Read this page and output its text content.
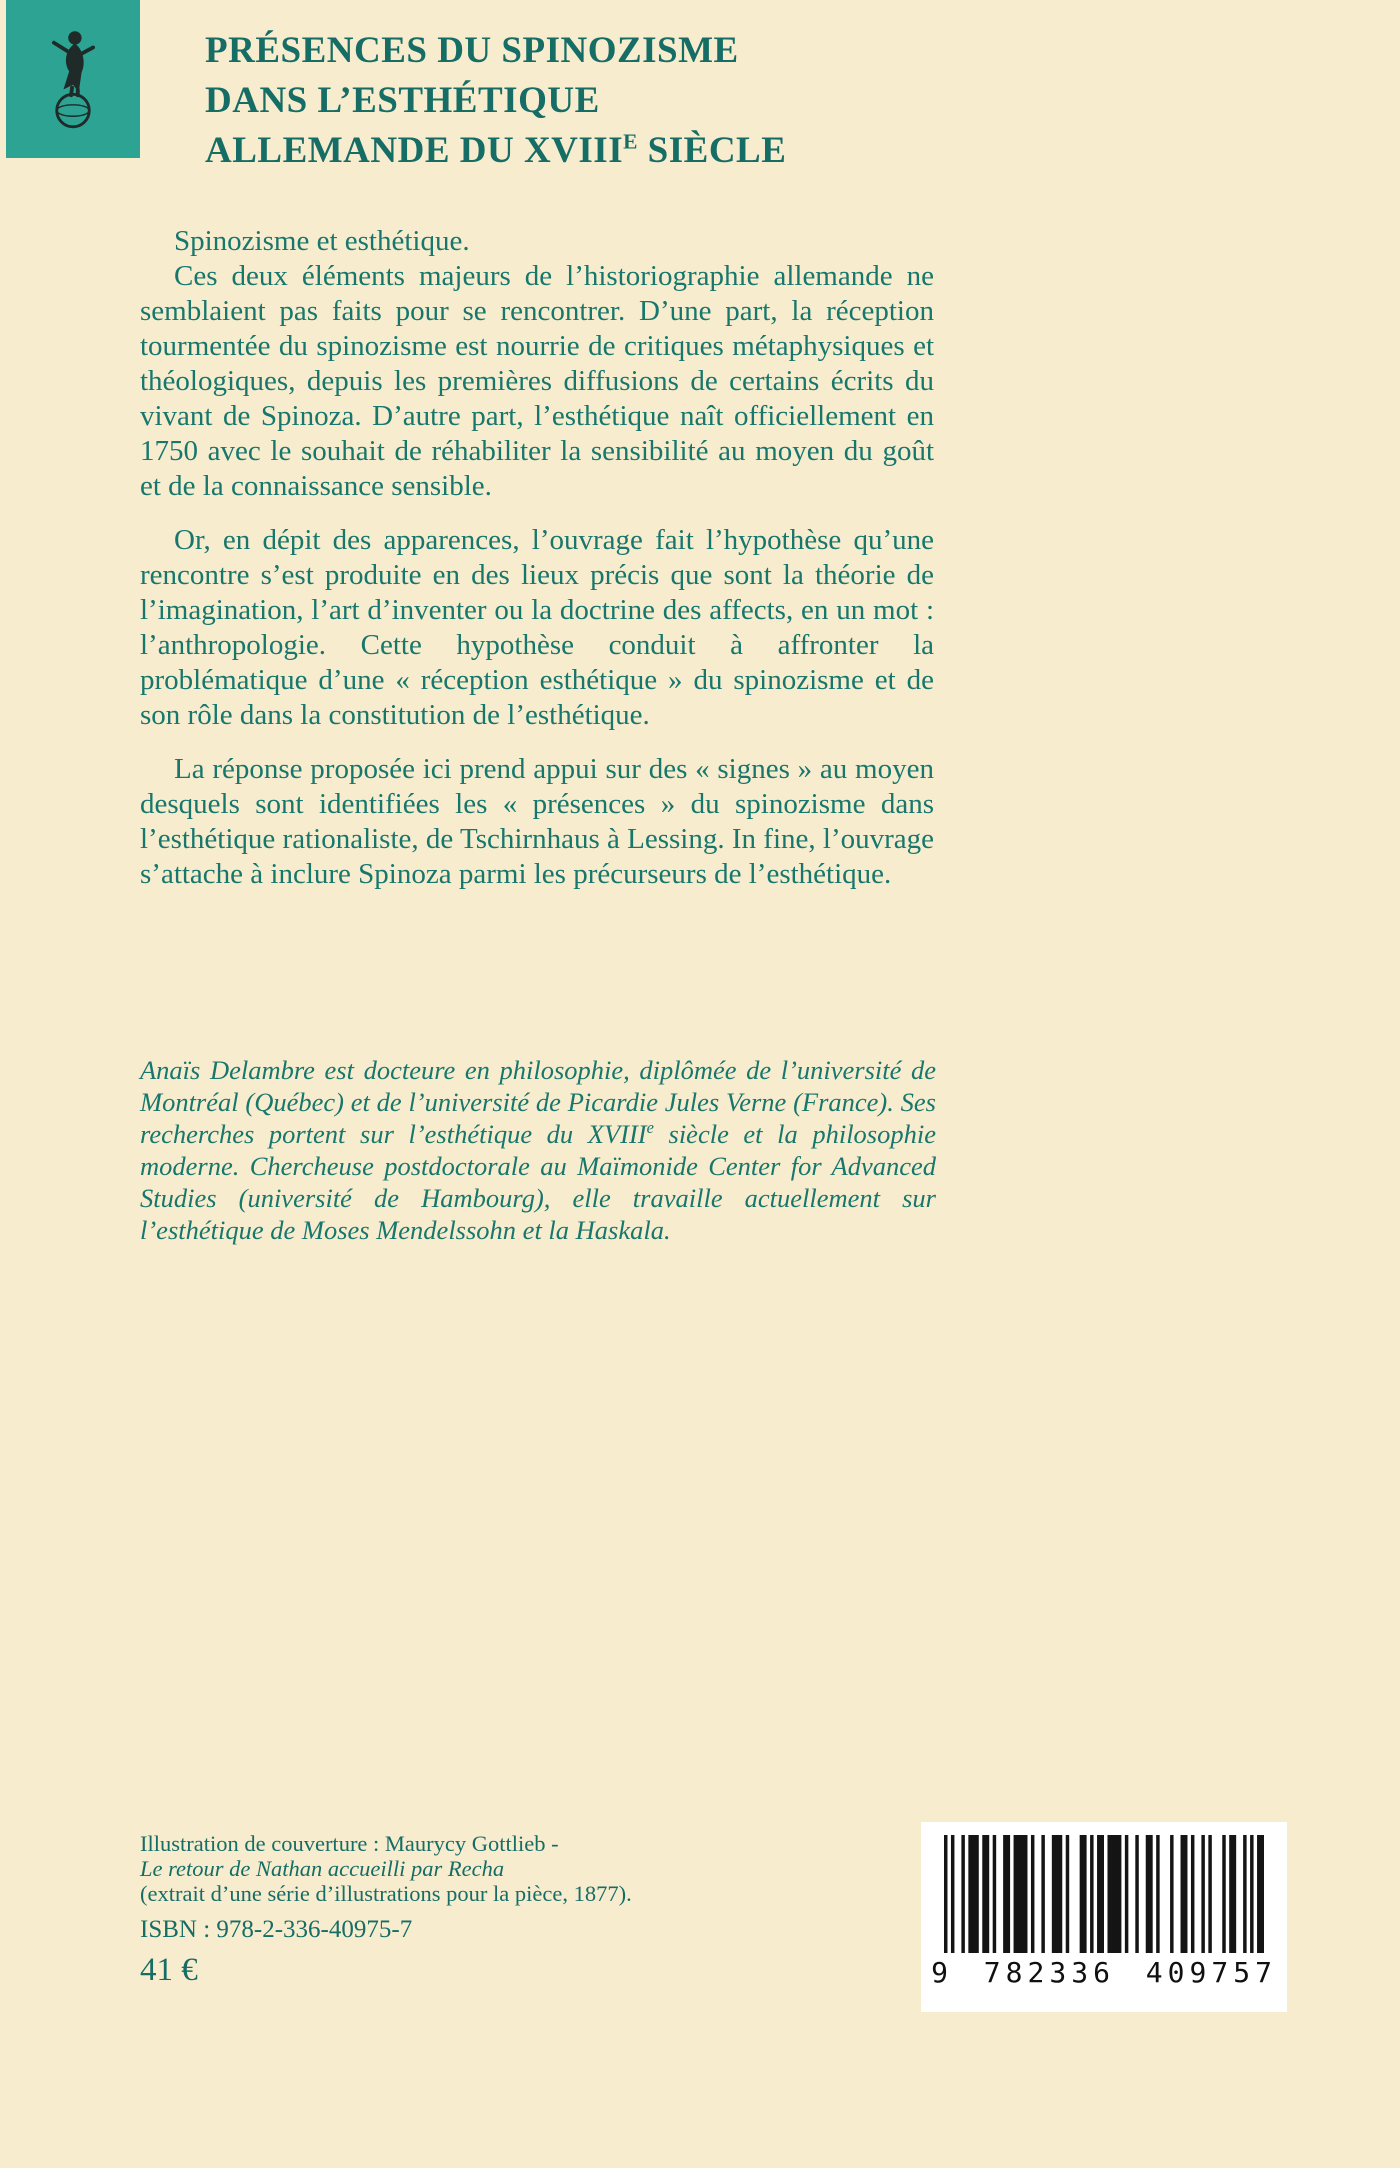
PRÉSENCES DU SPINOZISME
DANS L’ESTHÉTIQUE
ALLEMANDE DU $XVIII^E$ SIÈCLE

Spinozisme et esthétique.

Ces deux éléments majeurs de l’historiographie allemande ne semblaient pas faits pour se rencontrer. D’une part, la réception tourmentée du spinozisme est nourrie de critiques métaphysiques et théologiques, depuis les premières diffusions de certains écrits du vivant de Spinoza. D’autre part, l’esthétique naît officiellement en 1750 avec le souhait de réhabiliter la sensibilité au moyen du goût et de la connaissance sensible.

Or, en dépit des apparences, l’ouvrage fait l’hypothèse qu’une rencontre s’est produite en des lieux précis que sont la théorie de l’imagination, l’art d’inventer ou la doctrine des affects, en un mot : l’anthropologie. Cette hypothèse conduit à affronter la problématique d’une « réception esthétique » du spinozisme et de son rôle dans la constitution de l’esthétique.

La réponse proposée ici prend appui sur des « signes » au moyen desquels sont identifiées les « présences » du spinozisme dans l’esthétique rationaliste, de Tschirnhaus à Lessing. In fine, l’ouvrage s’attache à inclure Spinoza parmi les précurseurs de l’esthétique.

Anaïs Delambre est docteure en philosophie, diplômée de l’université de Montréal (Québec) et de l’université de Picardie Jules Verne (France). Ses recherches portent sur l’esthétique du XVIIIe siècle et la philosophie moderne. Chercheuse postdoctorale au Maïmonide Center for Advanced Studies (université de Hambourg), elle travaille actuellement sur l’esthétique de Moses Mendelssohn et la Haskala.
Illustration de couverture : Maurycy Gottlieb -
Le retour de Nathan accueilli par Recha
(extrait d’une série d’illustrations pour la pièce, 1877).
ISBN : 978-2-336-40975-7
41 €	9 782336 409757
